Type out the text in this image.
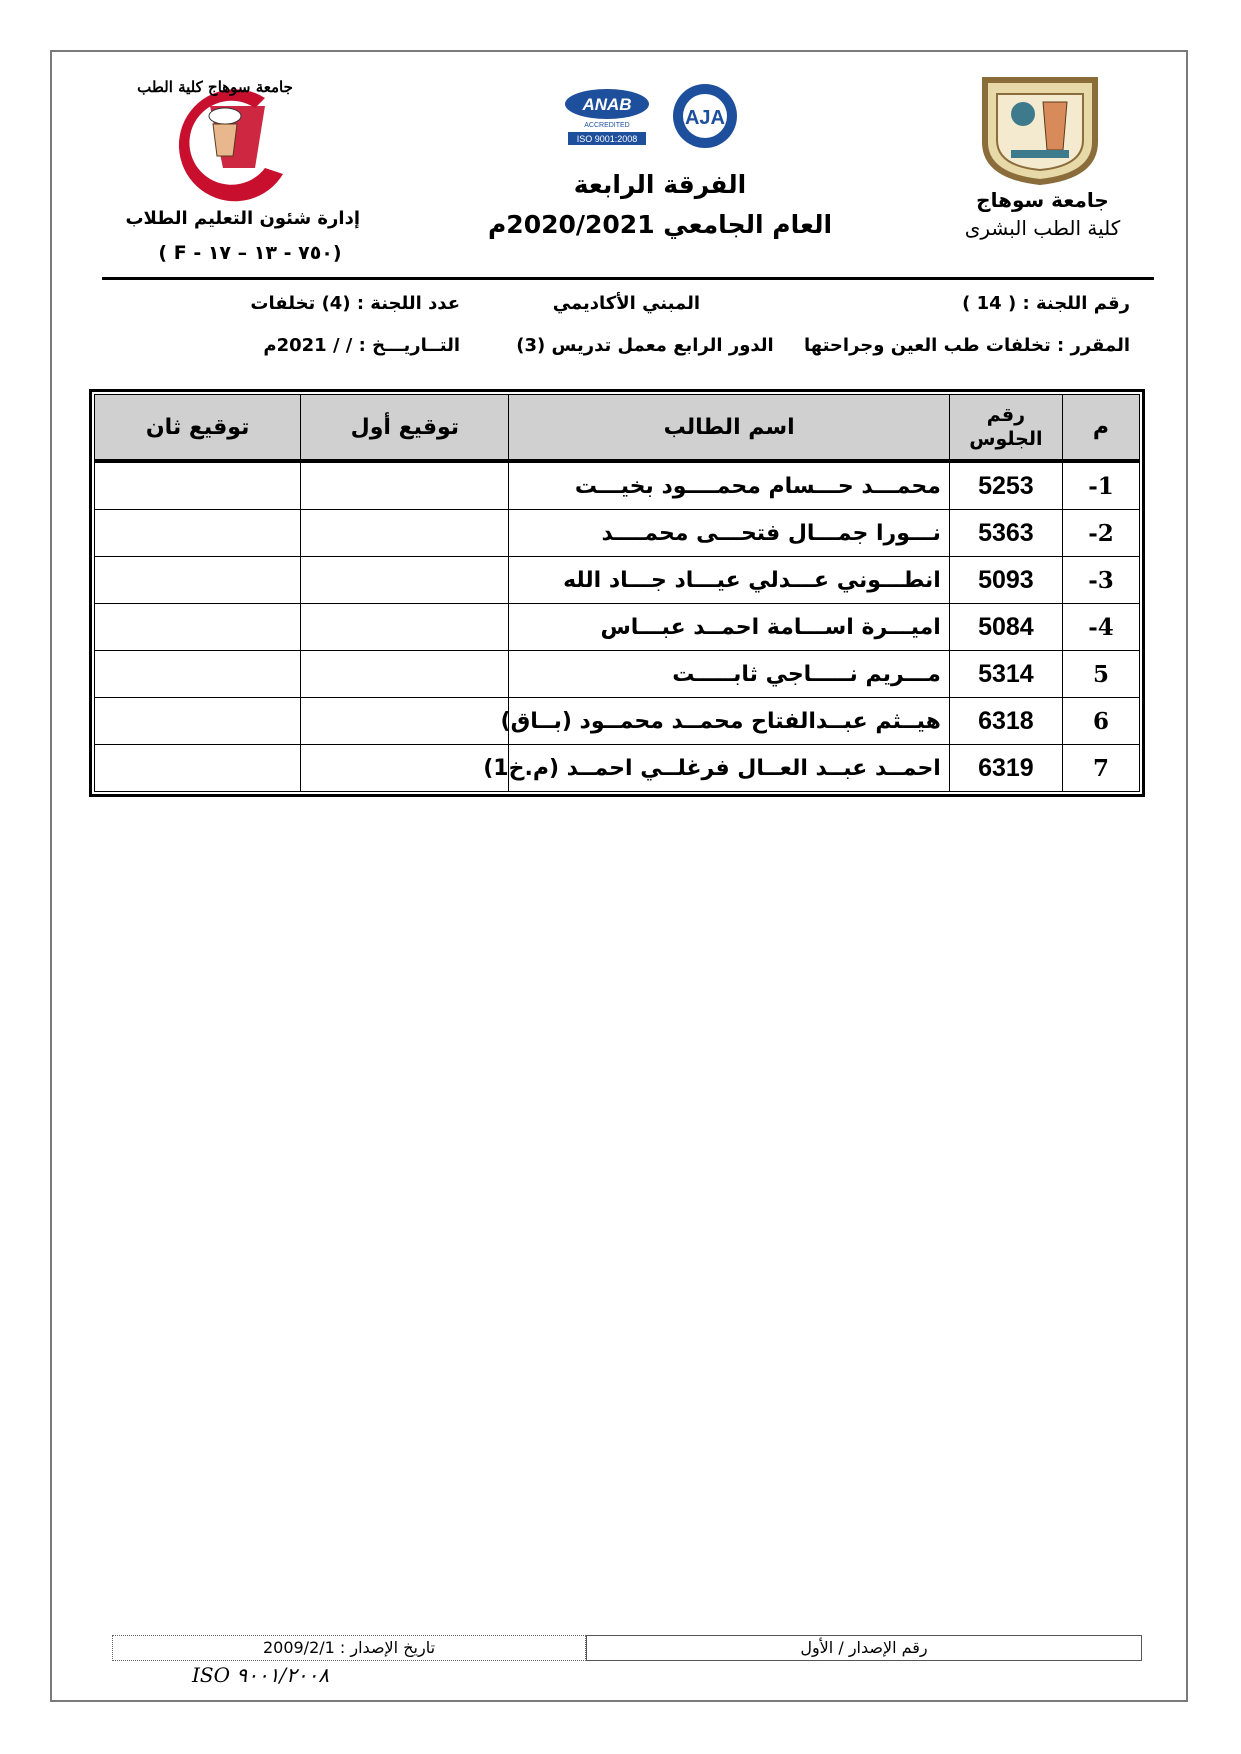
جامعة سوهاج كلية الطب
ANAB
ACCREDITED
ISO 9001:2008
AJA
الفرقة الرابعة
العام الجامعي 2020/2021م
جامعة سوهاج
كلية الطب البشرى
إدارة شئون التعليم الطلاب
( F - ٧٥٠ - ١٣ – ١٧)
رقم اللجنة : ( 14 )
المبني الأكاديمي
عدد اللجنة : (4) تخلفات
المقرر : تخلفات طب العين وجراحتها
الدور الرابع معمل تدريس (3)
التــاريـــخ : / / 2021م
م	رقم الجلوس	اسم الطالب	توقيع أول	توقيع ثان
1-	5253	محمـــد حـــسام محمــــود بخيـــت		
2-	5363	نـــورا جمـــال فتحـــى محمــــد		
3-	5093	انطـــوني عـــدلي عيـــاد جـــاد الله		
4-	5084	اميـــرة اســـامة احمــد عبـــاس		
5	5314	مـــريم نـــــاجي ثابـــــت		
6	6318	هيــثم عبــدالفتاح محمــد محمــود (بــاق)		
7	6319	احمــد عبــد العــال فرغلــي احمــد (م.خ1)		
تاريخ الإصدار : 2009/2/1	رقم الإصدار / الأول
ISO ٩٠٠١/٢٠٠٨
